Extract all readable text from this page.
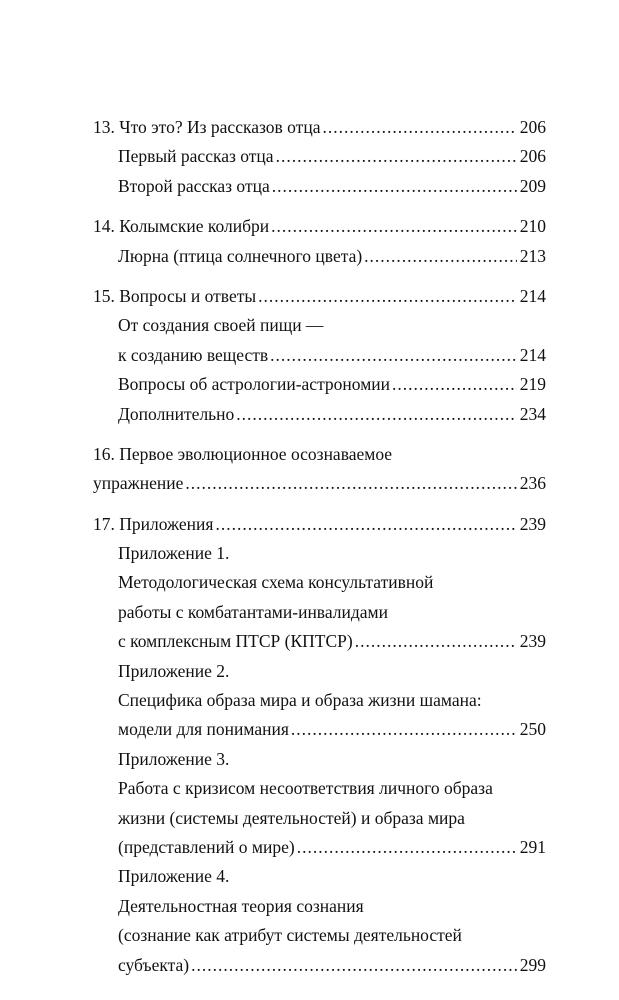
13. Что это? Из рассказов отца .....	206
Первый рассказ отца .....	206
Второй рассказ отца .....	209
14. Колымские колибри .....	210
Люрна (птица солнечного цвета) .....	213
15. Вопросы и ответы .....	214
От создания своей пищи —
к созданию веществ .....	214
Вопросы об астрологии-астрономии .....	219
Дополнительно .....	234
16. Первое эволюционное осознаваемое
упражнение .....	236
17. Приложения .....	239
Приложение 1.
Методологическая схема консультативной
работы с комбатантами-инвалидами
с комплексным ПТСР (КПТСР) .....	239
Приложение 2.
Специфика образа мира и образа жизни шамана:
модели для понимания .....	250
Приложение 3.
Работа с кризисом несоответствия личного образа
жизни (системы деятельностей) и образа мира
(представлений о мире) .....	291
Приложение 4.
Деятельностная теория сознания
(сознание как атрибут системы деятельностей
субъекта) .....	299
